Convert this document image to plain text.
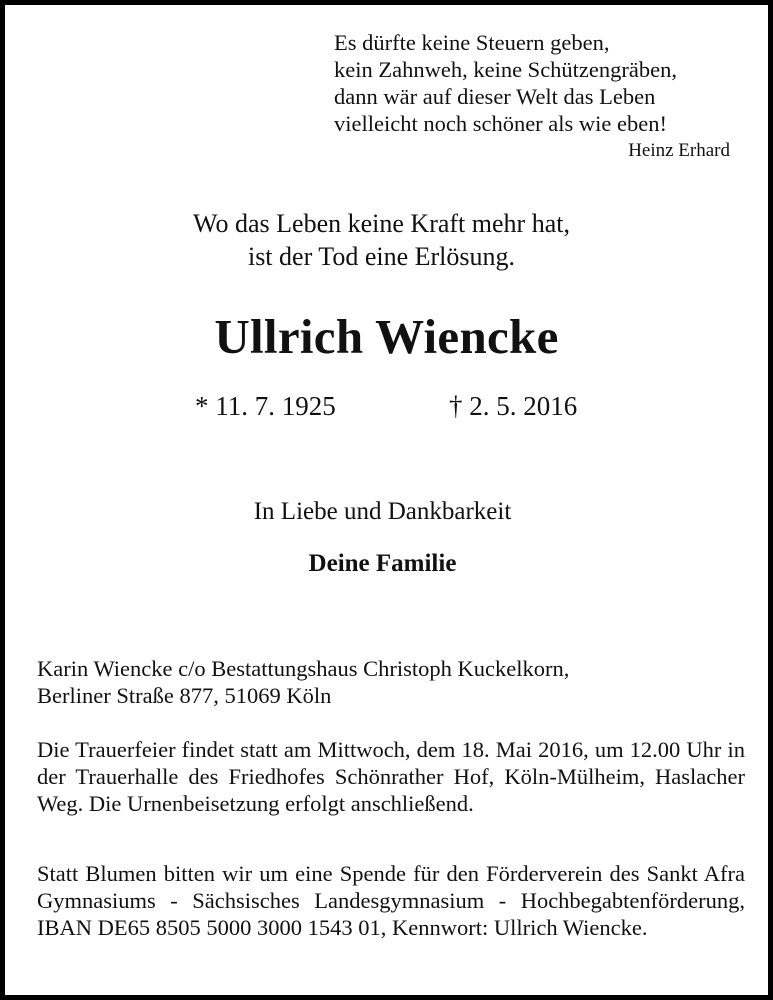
Es dürfte keine Steuern geben,
kein Zahnweh, keine Schützengräben,
dann wär auf dieser Welt das Leben
vielleicht noch schöner als wie eben!
Heinz Erhard
Wo das Leben keine Kraft mehr hat,
ist der Tod eine Erlösung.
Ullrich Wiencke
* 11. 7. 1925	† 2. 5. 2016
In Liebe und Dankbarkeit
Deine Familie
Karin Wiencke c/o Bestattungshaus Christoph Kuckelkorn,
Berliner Straße 877, 51069 Köln
Die Trauerfeier findet statt am Mittwoch, dem 18. Mai 2016, um 12.00 Uhr in der Trauerhalle des Friedhofes Schönrather Hof, Köln-Mülheim, Haslacher Weg. Die Urnenbeisetzung erfolgt anschließend.
Statt Blumen bitten wir um eine Spende für den Förderverein des Sankt Afra Gymnasiums - Sächsisches Landesgymnasium - Hochbegabtenförderung, IBAN DE65 8505 5000 3000 1543 01, Kennwort: Ullrich Wiencke.
